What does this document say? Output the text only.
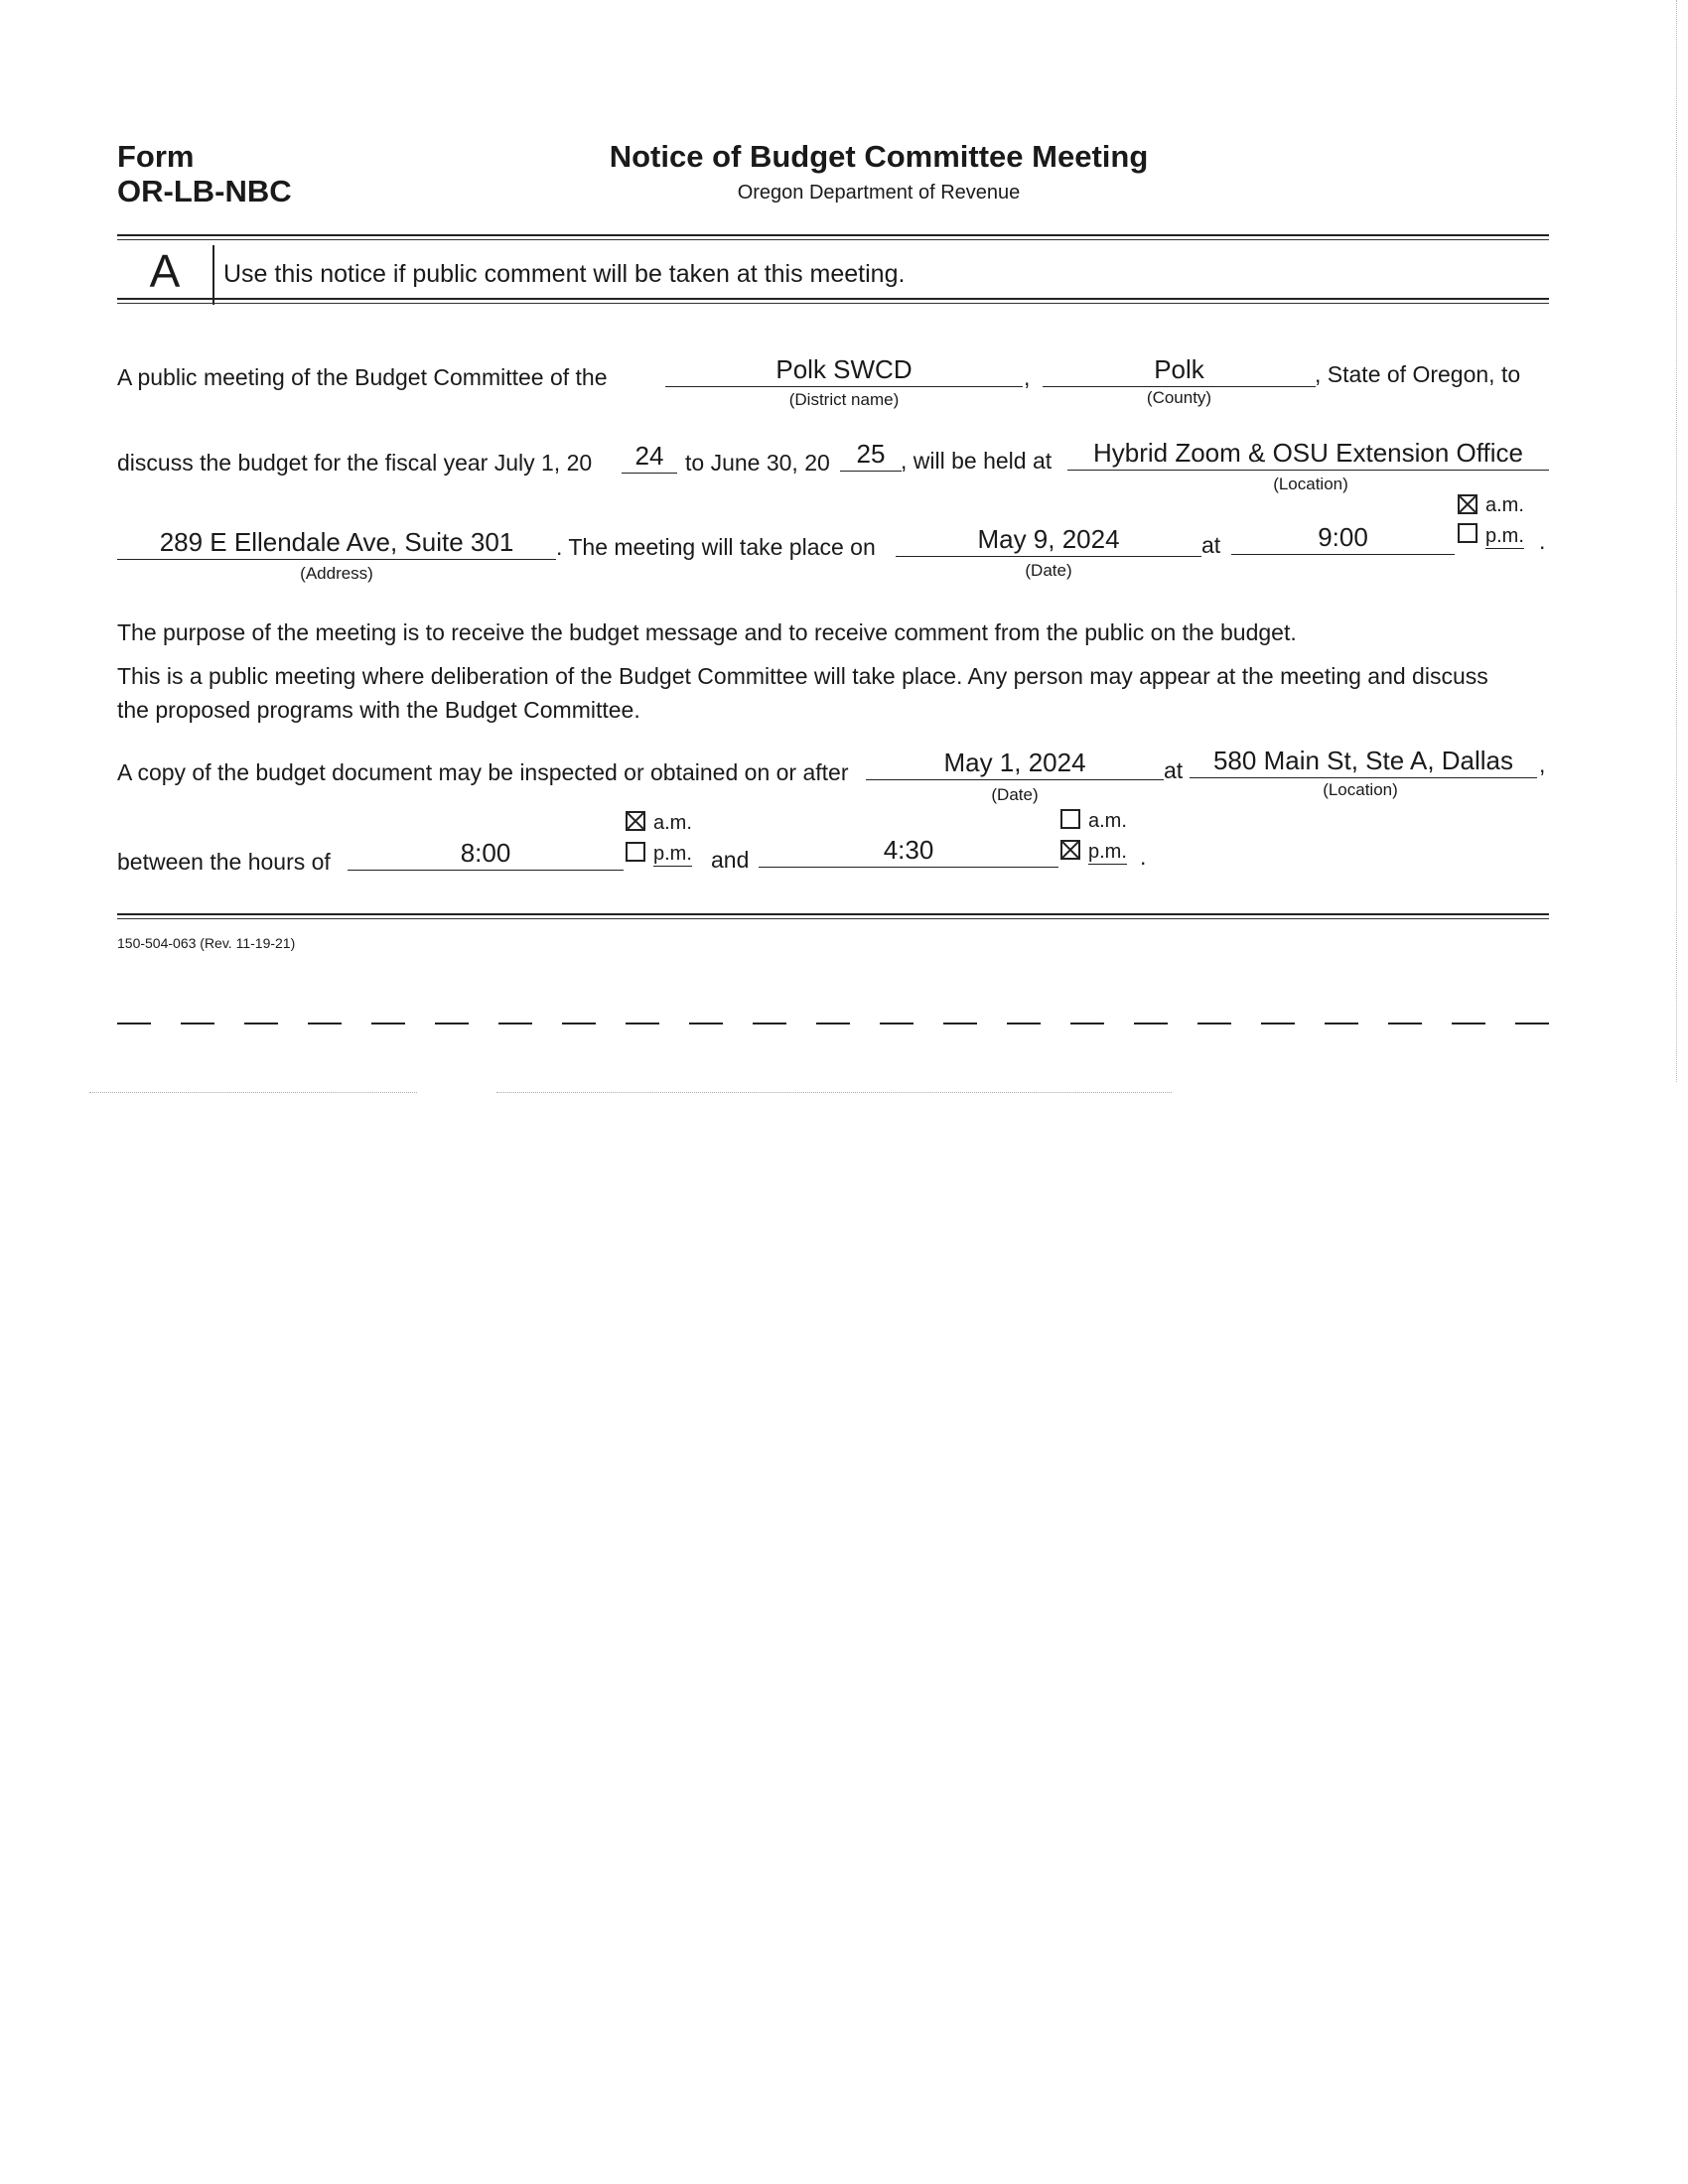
Form
OR-LB-NBC
Notice of Budget Committee Meeting
Oregon Department of Revenue
A	Use this notice if public comment will be taken at this meeting.
A public meeting of the Budget Committee of the	Polk SWCD
(District name)
,	Polk
(County)
, State of Oregon, to
discuss the budget for the fiscal year July 1, 20	24 to June 30, 20	25 , will be held at	Hybrid Zoom & OSU Extension Office
(Location)
289 E Ellendale Ave, Suite 301
(Address)
. The meeting will take place on	May 9, 2024
(Date)
at	9:00
a.m.
p.m. .
The purpose of the meeting is to receive the budget message and to receive comment from the public on the budget.
This is a public meeting where deliberation of the Budget Committee will take place. Any person may appear at the meeting and discuss
the proposed programs with the Budget Committee.
A copy of the budget document may be inspected or obtained on or after	May 1, 2024
(Date)
at	580 Main St, Ste A, Dallas
(Location)
,
between the hours of	8:00
a.m.
p.m. and	4:30
a.m.
p.m. .
150-504-063 (Rev. 11-19-21)
